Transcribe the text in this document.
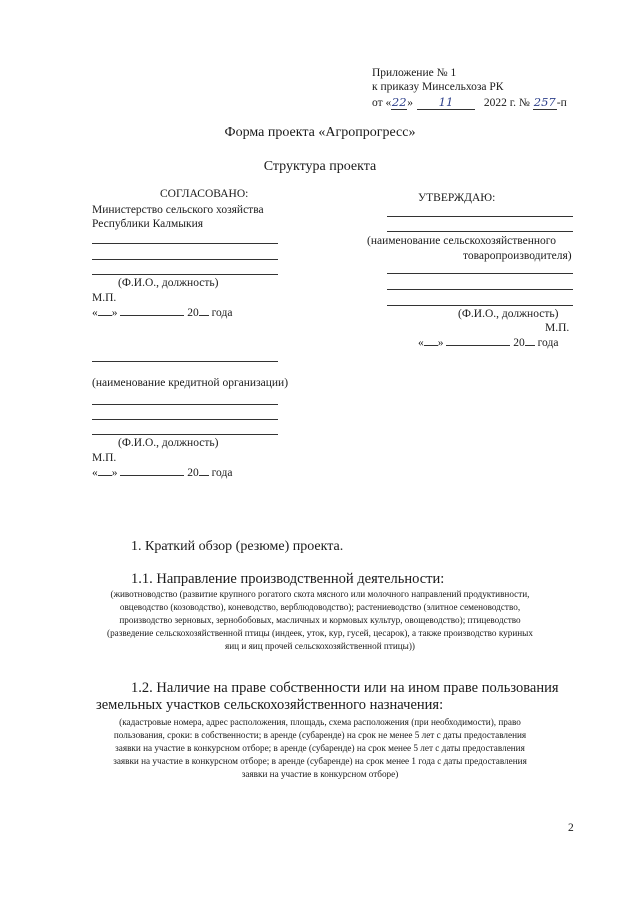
Приложение № 1
к приказу Минсельхоза РК
от «22» 11	2022 г. № 257-п
Форма проекта «Агропрогресс»
Структура проекта
СОГЛАСОВАНО:
Министерство сельского хозяйства
Республики Калмыкия
(Ф.И.О., должность)
М.П.
« »	20 года
(наименование кредитной организации)
(Ф.И.О., должность)
М.П.
« »	20 года
УТВЕРЖДАЮ:
(наименование сельскохозяйственного
товаропроизводителя)
(Ф.И.О., должность)
М.П.
« »	20 года
1. Краткий обзор (резюме) проекта.
1.1. Направление производственной деятельности:
(животноводство (развитие крупного рогатого скота мясного или молочного направлений продуктивности,
овцеводство (козоводство), коневодство, верблюдоводство); растениеводство (элитное семеноводство,
производство зерновых, зернобобовых, масличных и кормовых культур, овощеводство); птицеводство
(разведение сельскохозяйственной птицы (индеек, уток, кур, гусей, цесарок), а также производство куриных
яиц и яиц прочей сельскохозяйственной птицы))
1.2. Наличие на праве собственности или на ином праве пользования
земельных участков сельскохозяйственного назначения:
(кадастровые номера, адрес расположения, площадь, схема расположения (при необходимости), право
пользования, сроки: в собственности; в аренде (субаренде) на срок не менее 5 лет с даты предоставления
заявки на участие в конкурсном отборе; в аренде (субаренде) на срок менее 5 лет с даты предоставления
заявки на участие в конкурсном отборе; в аренде (субаренде) на срок менее 1 года с даты предоставления
заявки на участие в конкурсном отборе)
2
